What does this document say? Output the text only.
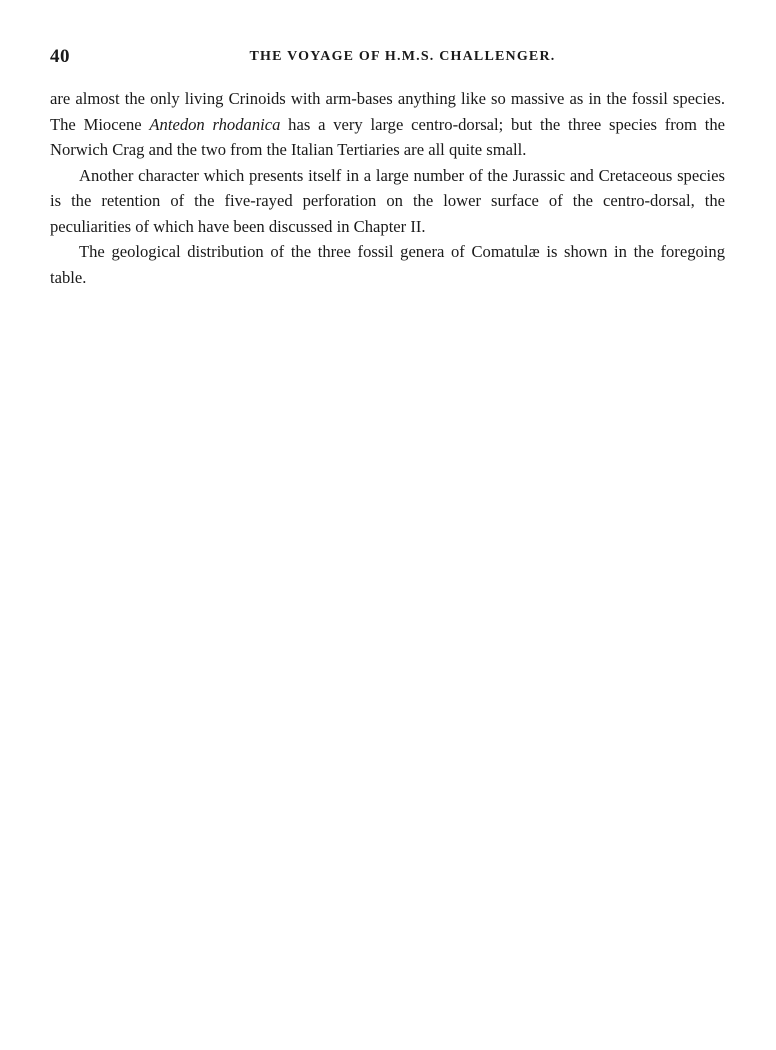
40	THE VOYAGE OF H.M.S. CHALLENGER.

are almost the only living Crinoids with arm-bases anything like so massive as in the fossil species. The Miocene Antedon rhodanica has a very large centro-dorsal; but the three species from the Norwich Crag and the two from the Italian Tertiaries are all quite small.

Another character which presents itself in a large number of the Jurassic and Cretaceous species is the retention of the five-rayed perforation on the lower surface of the centro-dorsal, the peculiarities of which have been discussed in Chapter II.

The geological distribution of the three fossil genera of Comatulæ is shown in the foregoing table.
